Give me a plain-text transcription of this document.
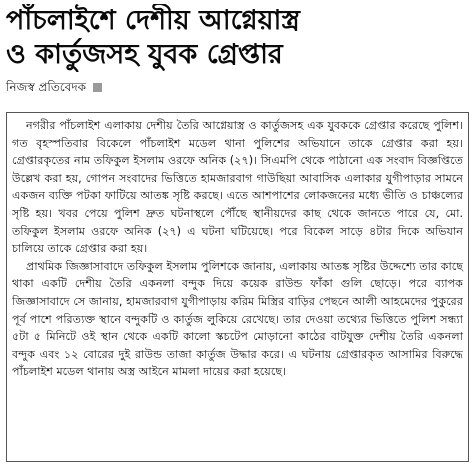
পাঁচলাইশে দেশীয় আগ্নেয়াস্ত্র
ও কার্তুজসহ যুবক গ্রেপ্তার
নিজস্ব প্রতিবেদক

নগরীর পাঁচলাইশ এলাকায় দেশীয় তৈরি আগ্নেয়াস্ত্র ও কার্তুজসহ এক যুবককে গ্রেপ্তার করেছে পুলিশ। গত বৃহস্পতিবার বিকেলে পাঁচলাইশ মডেল থানা পুলিশের অভিযানে তাকে গ্রেপ্তার করা হয়। গ্রেপ্তারকৃতের নাম তফিকুল ইসলাম ওরফে অনিক (২৭)। সিএমপি থেকে পাঠানো এক সংবাদ বিজ্ঞপ্তিতে উল্লেখ করা হয়, গোপন সংবাদের ভিত্তিতে হামজারবাগ গাউছিয়া আবাসিক এলাকার যুগীপাড়ার সামনে একজন ব্যক্তি পটকা ফাটিয়ে আতঙ্ক সৃষ্টি করছে। এতে আশপাশের লোকজনের মধ্যে ভীতি ও চাঞ্চল্যের সৃষ্টি হয়। খবর পেয়ে পুলিশ দ্রুত ঘটনাস্থলে পৌঁছে স্থানীয়দের কাছ থেকে জানতে পারে যে, মো. তফিকুল ইসলাম ওরফে অনিক (২৭) এ ঘটনা ঘটিয়েছে। পরে বিকেল সাড়ে ৪টার দিকে অভিযান চালিয়ে তাকে গ্রেপ্তার করা হয়।

প্রাথমিক জিজ্ঞাসাবাদে তফিকুল ইসলাম পুলিশকে জানায়, এলাকায় আতঙ্ক সৃষ্টির উদ্দেশ্যে তার কাছে থাকা একটি দেশীয় তৈরি একনলা বন্দুক দিয়ে কয়েক রাউন্ড ফাঁকা গুলি ছোড়ে। পরে ব্যাপক জিজ্ঞাসাবাদে সে জানায়, হামজারবাগ যুগীপাড়ায় করিম মিস্ত্রির বাড়ির পেছনে আলী আহমেদের পুকুরের পূর্ব পাশে পরিত্যক্ত স্থানে বন্দুকটি ও কার্তুজ লুকিয়ে রেখেছে। তার দেওয়া তথ্যের ভিত্তিতে পুলিশ সন্ধ্যা ৫টা ৫ মিনিটে ওই স্থান থেকে একটি কালো স্কচটেপ মোড়ানো কাঠের বাটযুক্ত দেশীয় তৈরি একনলা বন্দুক এবং ১২ বোরের দুই রাউন্ড তাজা কার্তুজ উদ্ধার করে। এ ঘটনায় গ্রেপ্তারকৃত আসামির বিরুদ্ধে পাঁচলাইশ মডেল থানায় অস্ত্র আইনে মামলা দায়ের করা হয়েছে।
